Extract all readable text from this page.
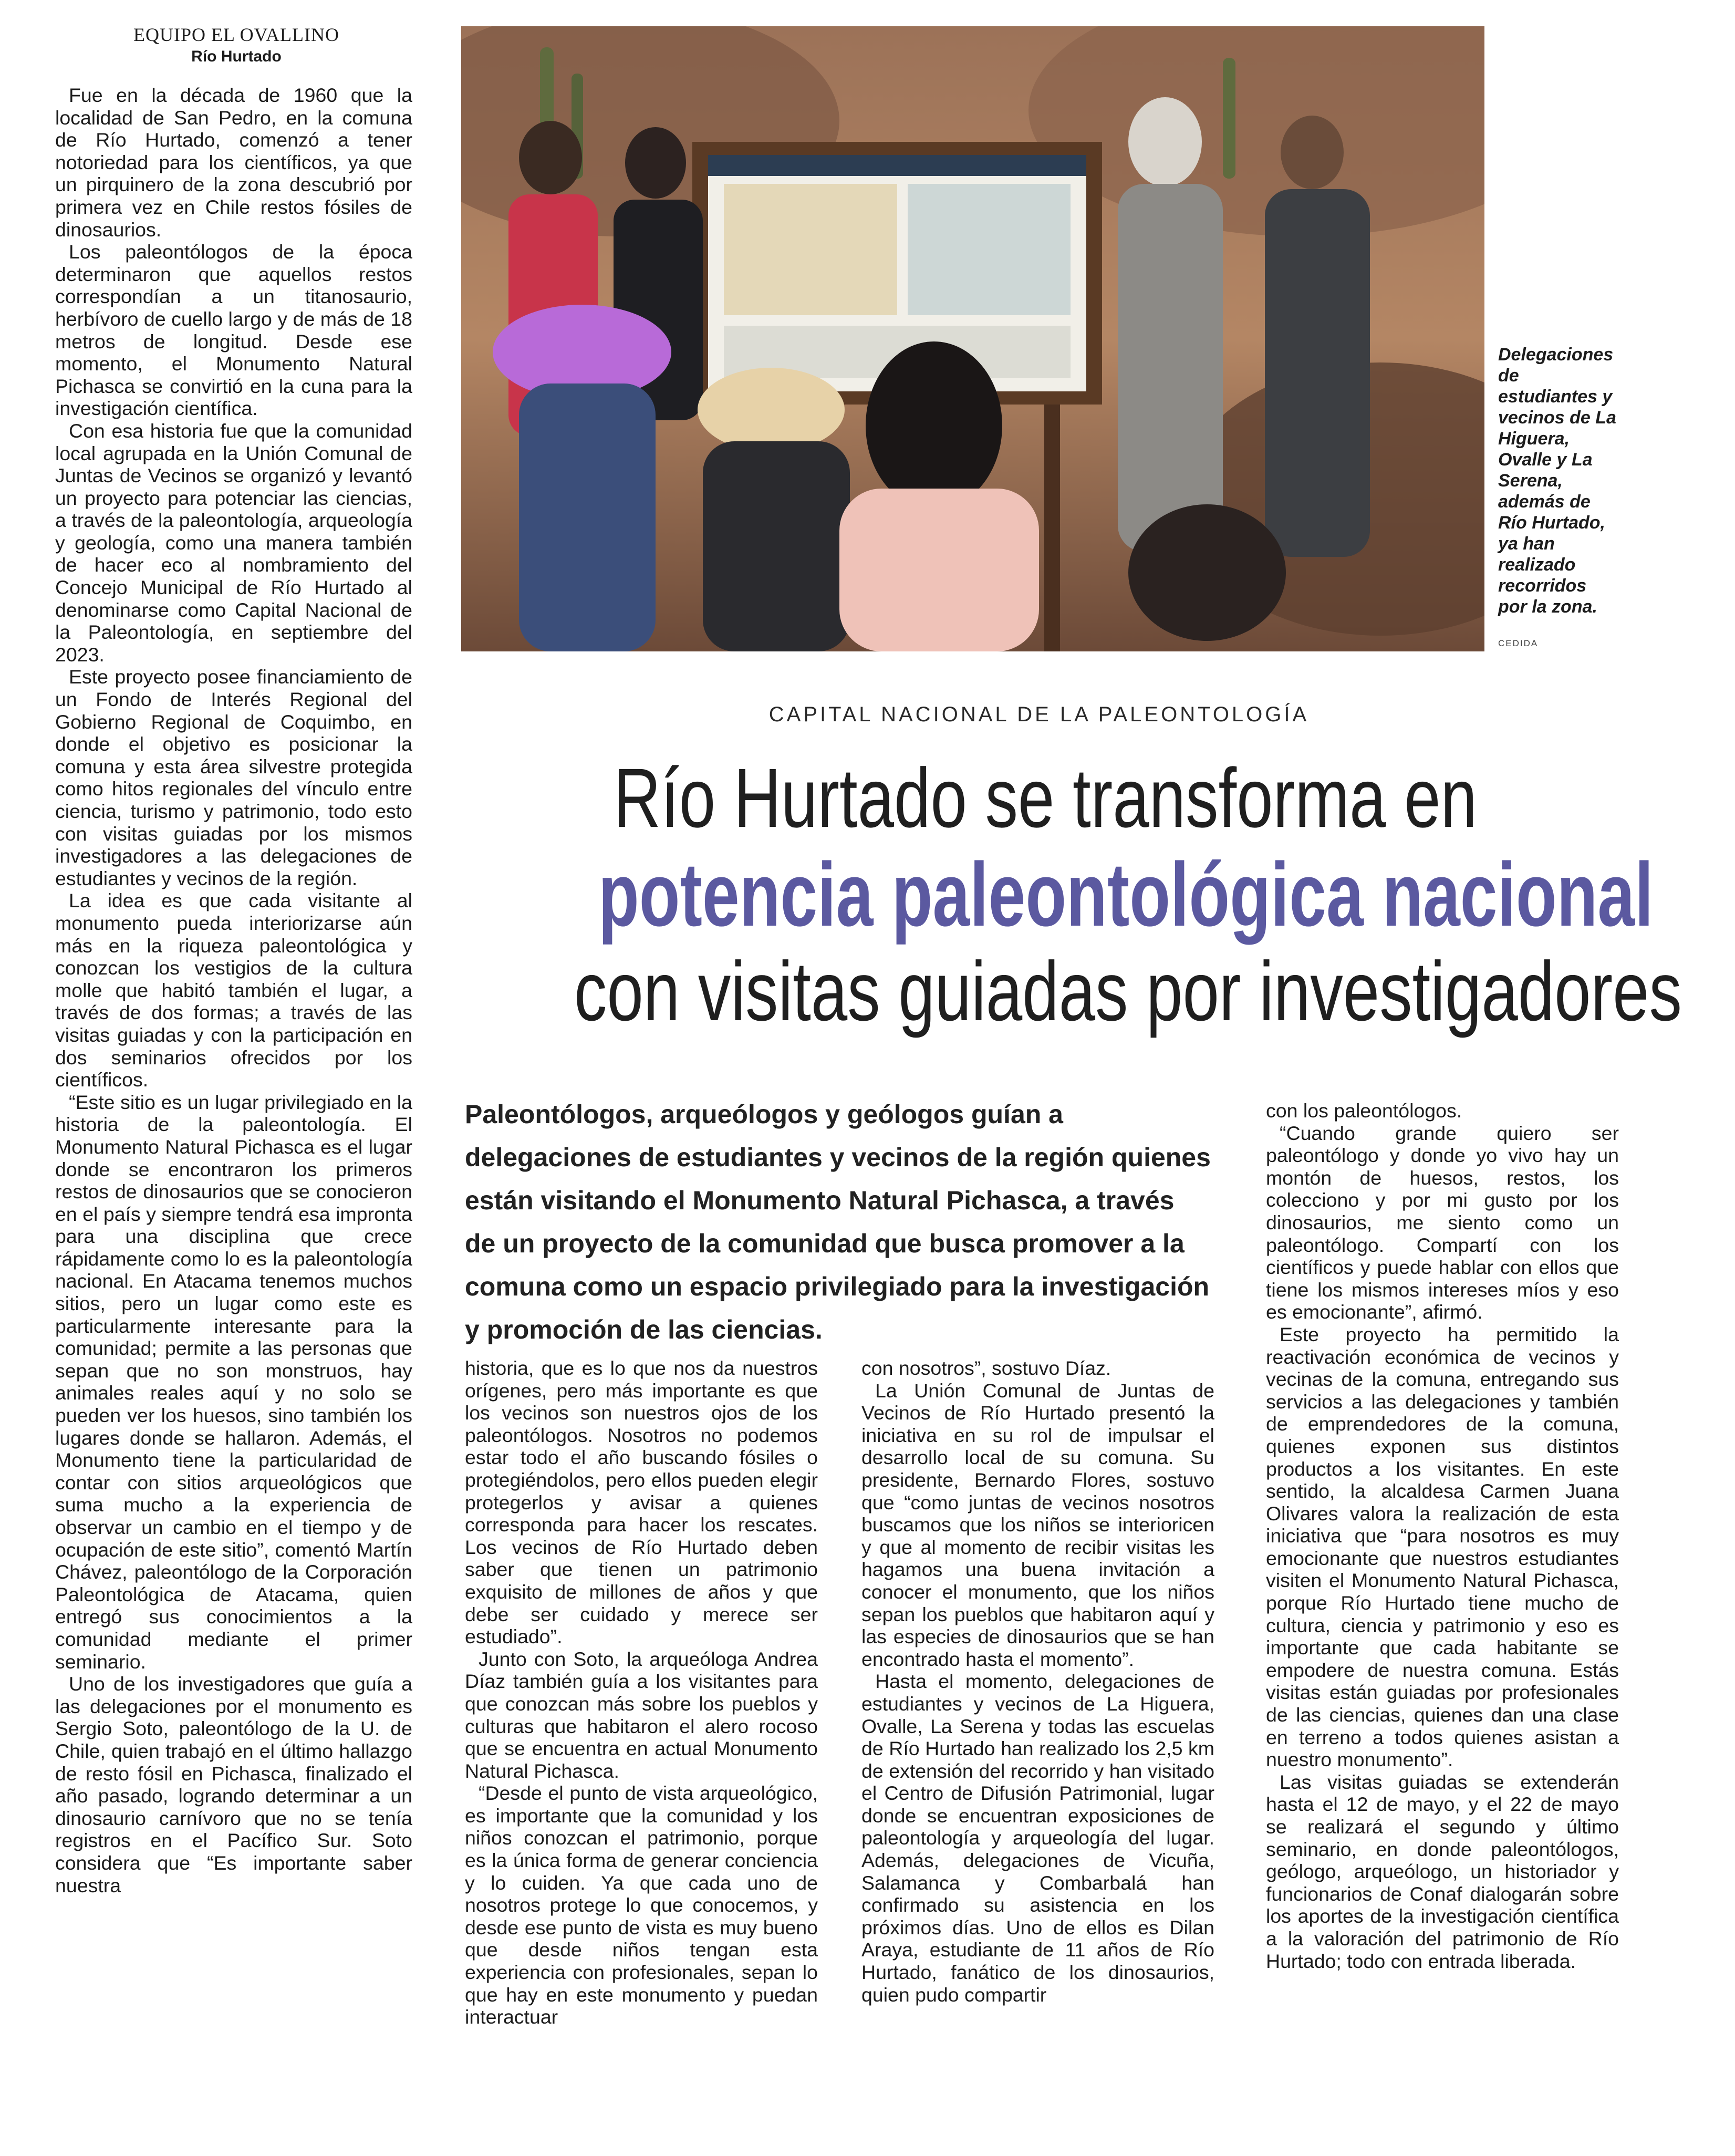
EQUIPO EL OVALLINO
Río Hurtado

Fue en la década de 1960 que la localidad de San Pedro, en la comuna de Río Hurtado, comenzó a tener notoriedad para los científicos, ya que un pirquinero de la zona descubrió por primera vez en Chile restos fósiles de dinosaurios.

Los paleontólogos de la época determinaron que aquellos restos correspondían a un titanosaurio, herbívoro de cuello largo y de más de 18 metros de longitud. Desde ese momento, el Monumento Natural Pichasca se convirtió en la cuna para la investigación científica.

Con esa historia fue que la comunidad local agrupada en la Unión Comunal de Juntas de Vecinos se organizó y levantó un proyecto para potenciar las ciencias, a través de la paleontología, arqueología y geología, como una manera también de hacer eco al nombramiento del Concejo Municipal de Río Hurtado al denominarse como Capital Nacional de la Paleontología, en septiembre del 2023.

Este proyecto posee financiamiento de un Fondo de Interés Regional del Gobierno Regional de Coquimbo, en donde el objetivo es posicionar la comuna y esta área silvestre protegida como hitos regionales del vínculo entre ciencia, turismo y patrimonio, todo esto con visitas guiadas por los mismos investigadores a las delegaciones de estudiantes y vecinos de la región.

La idea es que cada visitante al monumento pueda interiorizarse aún más en la riqueza paleontológica y conozcan los vestigios de la cultura molle que habitó también el lugar, a través de dos formas; a través de las visitas guiadas y con la participación en dos seminarios ofrecidos por los científicos.

“Este sitio es un lugar privilegiado en la historia de la paleontología. El Monumento Natural Pichasca es el lugar donde se encontraron los primeros restos de dinosaurios que se conocieron en el país y siempre tendrá esa impronta para una disciplina que crece rápidamente como lo es la paleontología nacional. En Atacama tenemos muchos sitios, pero un lugar como este es particularmente interesante para la comunidad; permite a las personas que sepan que no son monstruos, hay animales reales aquí y no solo se pueden ver los huesos, sino también los lugares donde se hallaron. Además, el Monumento tiene la particularidad de contar con sitios arqueológicos que suma mucho a la experiencia de observar un cambio en el tiempo y de ocupación de este sitio”, comentó Martín Chávez, paleontólogo de la Corporación Paleontológica de Atacama, quien entregó sus conocimientos a la comunidad mediante el primer seminario.

Uno de los investigadores que guía a las delegaciones por el monumento es Sergio Soto, paleontólogo de la U. de Chile, quien trabajó en el último hallazgo de resto fósil en Pichasca, finalizado el año pasado, logrando determinar a un dinosaurio carnívoro que no se tenía registros en el Pacífico Sur. Soto considera que “Es importante saber nuestra

Delegaciones de estudiantes y vecinos de La Higuera, Ovalle y La Serena, además de Río Hurtado, ya han realizado recorridos por la zona.
CEDIDA
CAPITAL NACIONAL DE LA PALEONTOLOGÍA
Río Hurtado se transforma en
potencia paleontológica nacional
con visitas guiadas por investigadores
Paleontólogos, arqueólogos y geólogos guían a delegaciones de estudiantes y vecinos de la región quienes están visitando el Monumento Natural Pichasca, a través de un proyecto de la comunidad que busca promover a la comuna como un espacio privilegiado para la investigación y promoción de las ciencias.

historia, que es lo que nos da nuestros orígenes, pero más importante es que los vecinos son nuestros ojos de los paleontólogos. Nosotros no podemos estar todo el año buscando fósiles o protegiéndolos, pero ellos pueden elegir protegerlos y avisar a quienes corresponda para hacer los rescates. Los vecinos de Río Hurtado deben saber que tienen un patrimonio exquisito de millones de años y que debe ser cuidado y merece ser estudiado”.

Junto con Soto, la arqueóloga Andrea Díaz también guía a los visitantes para que conozcan más sobre los pueblos y culturas que habitaron el alero rocoso que se encuentra en actual Monumento Natural Pichasca.

“Desde el punto de vista arqueológico, es importante que la comunidad y los niños conozcan el patrimonio, porque es la única forma de generar conciencia y lo cuiden. Ya que cada uno de nosotros protege lo que conocemos, y desde ese punto de vista es muy bueno que desde niños tengan esta experiencia con profesionales, sepan lo que hay en este monumento y puedan interactuar

con nosotros”, sostuvo Díaz.

La Unión Comunal de Juntas de Vecinos de Río Hurtado presentó la iniciativa en su rol de impulsar el desarrollo local de su comuna. Su presidente, Bernardo Flores, sostuvo que “como juntas de vecinos nosotros buscamos que los niños se interioricen y que al momento de recibir visitas les hagamos una buena invitación a conocer el monumento, que los niños sepan los pueblos que habitaron aquí y las especies de dinosaurios que se han encontrado hasta el momento”.

Hasta el momento, delegaciones de estudiantes y vecinos de La Higuera, Ovalle, La Serena y todas las escuelas de Río Hurtado han realizado los 2,5 km de extensión del recorrido y han visitado el Centro de Difusión Patrimonial, lugar donde se encuentran exposiciones de paleontología y arqueología del lugar. Además, delegaciones de Vicuña, Salamanca y Combarbalá han confirmado su asistencia en los próximos días. Uno de ellos es Dilan Araya, estudiante de 11 años de Río Hurtado, fanático de los dinosaurios, quien pudo compartir

con los paleontólogos.

“Cuando grande quiero ser paleontólogo y donde yo vivo hay un montón de huesos, restos, los colecciono y por mi gusto por los dinosaurios, me siento como un paleontólogo. Compartí con los científicos y puede hablar con ellos que tiene los mismos intereses míos y eso es emocionante”, afirmó.

Este proyecto ha permitido la reactivación económica de vecinos y vecinas de la comuna, entregando sus servicios a las delegaciones y también de emprendedores de la comuna, quienes exponen sus distintos productos a los visitantes. En este sentido, la alcaldesa Carmen Juana Olivares valora la realización de esta iniciativa que “para nosotros es muy emocionante que nuestros estudiantes visiten el Monumento Natural Pichasca, porque Río Hurtado tiene mucho de cultura, ciencia y patrimonio y eso es importante que cada habitante se empodere de nuestra comuna. Estás visitas están guiadas por profesionales de las ciencias, quienes dan una clase en terreno a todos quienes asistan a nuestro monumento”.

Las visitas guiadas se extenderán hasta el 12 de mayo, y el 22 de mayo se realizará el segundo y último seminario, en donde paleontólogos, geólogo, arqueólogo, un historiador y funcionarios de Conaf dialogarán sobre los aportes de la investigación científica a la valoración del patrimonio de Río Hurtado; todo con entrada liberada.
